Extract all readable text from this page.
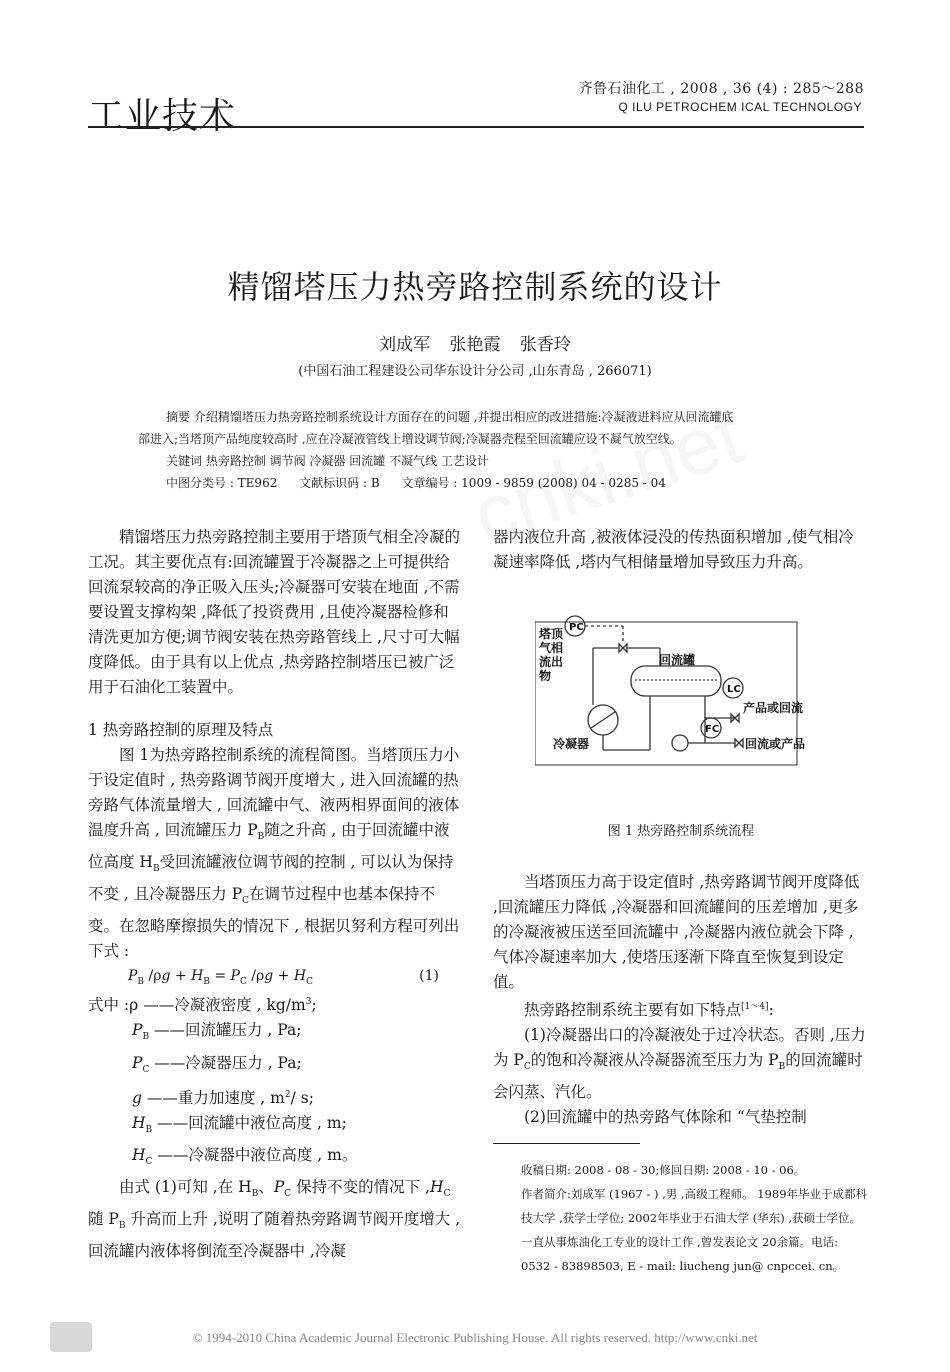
工业技术
齐鲁石油化工 , 2008 , 36 (4) : 285～288
Q ILU PETROCHEM ICAL TECHNOLOGY
精馏塔压力热旁路控制系统的设计
刘成军 张艳霞 张香玲
(中国石油工程建设公司华东设计分公司 ,山东青岛 , 266071)
摘要 介绍精馏塔压力热旁路控制系统设计方面存在的问题 ,并提出相应的改进措施:冷凝液进料应从回流罐底
部进入;当塔顶产品纯度较高时 ,应在冷凝液管线上增设调节阀;冷凝器壳程至回流罐应设不凝气放空线。
关键词 热旁路控制 调节阀 冷凝器 回流罐 不凝气线 工艺设计
中图分类号 : TE962 文献标识码 : B 文章编号 : 1009 - 9859 (2008) 04 - 0285 - 04

精馏塔压力热旁路控制主要用于塔顶气相全冷凝的工况。其主要优点有:回流罐置于冷凝器之上可提供给回流泵较高的净正吸入压头;冷凝器可安装在地面 ,不需要设置支撑构架 ,降低了投资费用 ,且使冷凝器检修和清洗更加方便;调节阀安装在热旁路管线上 ,尺寸可大幅度降低。由于具有以上优点 ,热旁路控制塔压已被广泛用于石油化工装置中。

1 热旁路控制的原理及特点

图 1为热旁路控制系统的流程简图。当塔顶压力小于设定值时 , 热旁路调节阀开度增大 , 进入回流罐的热旁路气体流量增大 , 回流罐中气、液两相界面间的液体温度升高 , 回流罐压力 $P_B$随之升高 , 由于回流罐中液位高度 $H_B$受回流罐液位调节阀的控制 , 可以认为保持不变 , 且冷凝器压力 $P_C$在调节过程中也基本保持不变。在忽略摩擦损失的情况下 , 根据贝努利方程可列出下式 :

$P_B$ $/\rho g + H_B = P_C$ $/\rho g + H_C$	(1)
式中 :ρ ——冷凝液密度 , $kg/m^3$;
$P_B$ ——回流罐压力 , Pa;
$P_C$ ——冷凝器压力 , Pa;
g ——重力加速度 , $m^2/$ s;
$H_B$ ——回流罐中液位高度 , m;
$H_C$ ——冷凝器中液位高度 , m。

由式 (1)可知 ,在 $H_B$、$P_C$ 保持不变的情况下 $,H_C$ 随 $P_B$ 升高而上升 ,说明了随着热旁路调节阀开度增大 ,回流罐内液体将倒流至冷凝器中 ,冷凝

器内液位升高 ,被液体浸没的传热面积增加 ,使气相冷凝速率降低 ,塔内气相储量增加导致压力升高。

PC
塔顶
气相
流出
物
回流罐
冷凝器
LC
FC
产品或回流
回流或产品
图 1 热旁路控制系统流程

当塔顶压力高于设定值时 ,热旁路调节阀开度降低 ,回流罐压力降低 ,冷凝器和回流罐间的压差增加 ,更多的冷凝液被压送至回流罐中 ,冷凝器内液位就会下降 ,气体冷凝速率加大 ,使塔压逐渐下降直至恢复到设定值。

热旁路控制系统主要有如下特点[1～4]:

(1)冷凝器出口的冷凝液处于过冷状态。否则 ,压力为 $P_C$的饱和冷凝液从冷凝器流至压力为 $P_B$的回流罐时会闪蒸、汽化。

(2)回流罐中的热旁路气体除和 “气垫控制

收稿日期: 2008 - 08 - 30;修回日期: 2008 - 10 - 06。
作者简介:刘成军 (1967 - ) ,男 ,高级工程师。 1989年毕业于成都科技大学 ,获学士学位; 2002年毕业于石油大学 (华东) ,获硕士学位。一直从事炼油化工专业的设计工作 ,曾发表论文 20余篇。电话: 0532 - 83898503, E - mail: liucheng jun@ cnpccei. cn。
© 1994-2010 China Academic Journal Electronic Publishing House. All rights reserved. http://www.cnki.net
